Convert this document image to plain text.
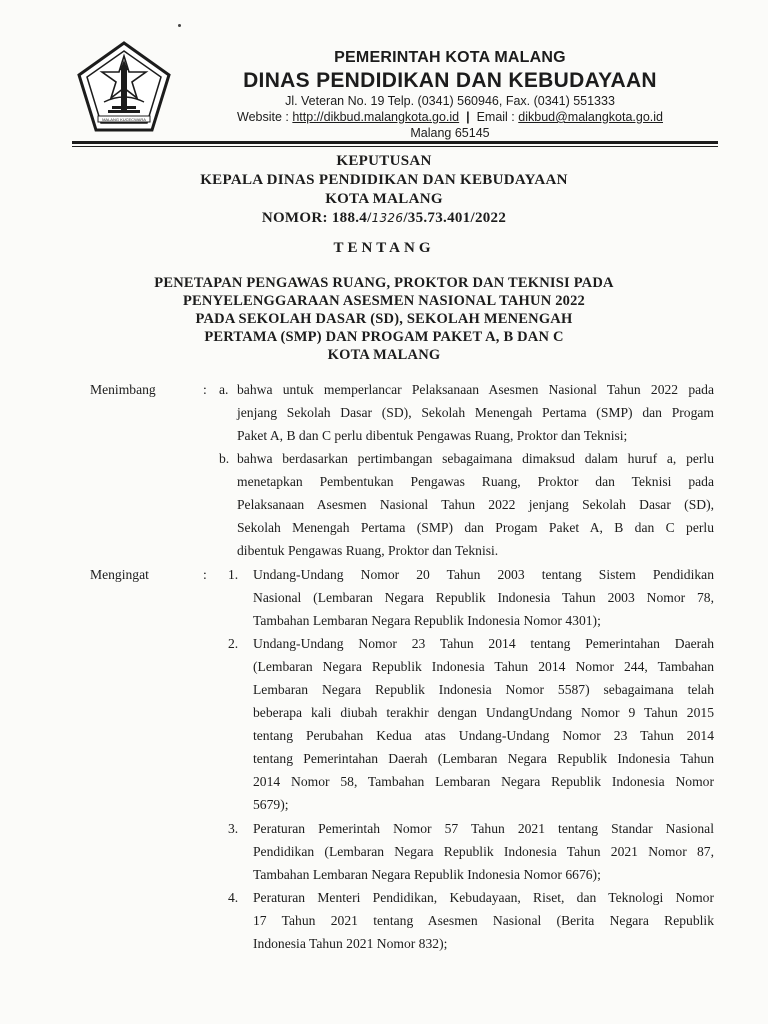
MALANG KUCECWARA
PEMERINTAH KOTA MALANG
DINAS PENDIDIKAN DAN KEBUDAYAAN
Jl. Veteran No. 19 Telp. (0341) 560946, Fax. (0341) 551333
Website : http://dikbud.malangkota.go.id | Email : dikbud@malangkota.go.id
Malang 65145
KEPUTUSAN
KEPALA DINAS PENDIDIKAN DAN KEBUDAYAAN
KOTA MALANG
NOMOR: 188.4/1326/35.73.401/2022
TENTANG
PENETAPAN PENGAWAS RUANG, PROKTOR DAN TEKNISI PADA
PENYELENGGARAAN ASESMEN NASIONAL TAHUN 2022
PADA SEKOLAH DASAR (SD), SEKOLAH MENENGAH
PERTAMA (SMP) DAN PROGAM PAKET A, B DAN C
KOTA MALANG
Menimbang	: a. bahwa untuk memperlancar Pelaksanaan Asesmen Nasional Tahun 2022 pada
jenjang Sekolah Dasar (SD), Sekolah Menengah Pertama (SMP) dan Progam
Paket A, B dan C perlu dibentuk Pengawas Ruang, Proktor dan Teknisi;
b. bahwa berdasarkan pertimbangan sebagaimana dimaksud dalam huruf a, perlu
menetapkan Pembentukan Pengawas Ruang, Proktor dan Teknisi pada
Pelaksanaan Asesmen Nasional Tahun 2022 jenjang Sekolah Dasar (SD),
Sekolah Menengah Pertama (SMP) dan Progam Paket A, B dan C perlu
dibentuk Pengawas Ruang, Proktor dan Teknisi.
Mengingat	: 1. Undang-Undang Nomor 20 Tahun 2003 tentang Sistem Pendidikan
Nasional (Lembaran Negara Republik Indonesia Tahun 2003 Nomor 78,
Tambahan Lembaran Negara Republik Indonesia Nomor 4301);
2. Undang-Undang Nomor 23 Tahun 2014 tentang Pemerintahan Daerah
(Lembaran Negara Republik Indonesia Tahun 2014 Nomor 244, Tambahan
Lembaran Negara Republik Indonesia Nomor 5587) sebagaimana telah
beberapa kali diubah terakhir dengan UndangUndang Nomor 9 Tahun 2015
tentang Perubahan Kedua atas Undang-Undang Nomor 23 Tahun 2014
tentang Pemerintahan Daerah (Lembaran Negara Republik Indonesia Tahun
2014 Nomor 58, Tambahan Lembaran Negara Republik Indonesia Nomor
5679);
3. Peraturan Pemerintah Nomor 57 Tahun 2021 tentang Standar Nasional
Pendidikan (Lembaran Negara Republik Indonesia Tahun 2021 Nomor 87,
Tambahan Lembaran Negara Republik Indonesia Nomor 6676);
4. Peraturan Menteri Pendidikan, Kebudayaan, Riset, dan Teknologi Nomor
17 Tahun 2021 tentang Asesmen Nasional (Berita Negara Republik
Indonesia Tahun 2021 Nomor 832);
